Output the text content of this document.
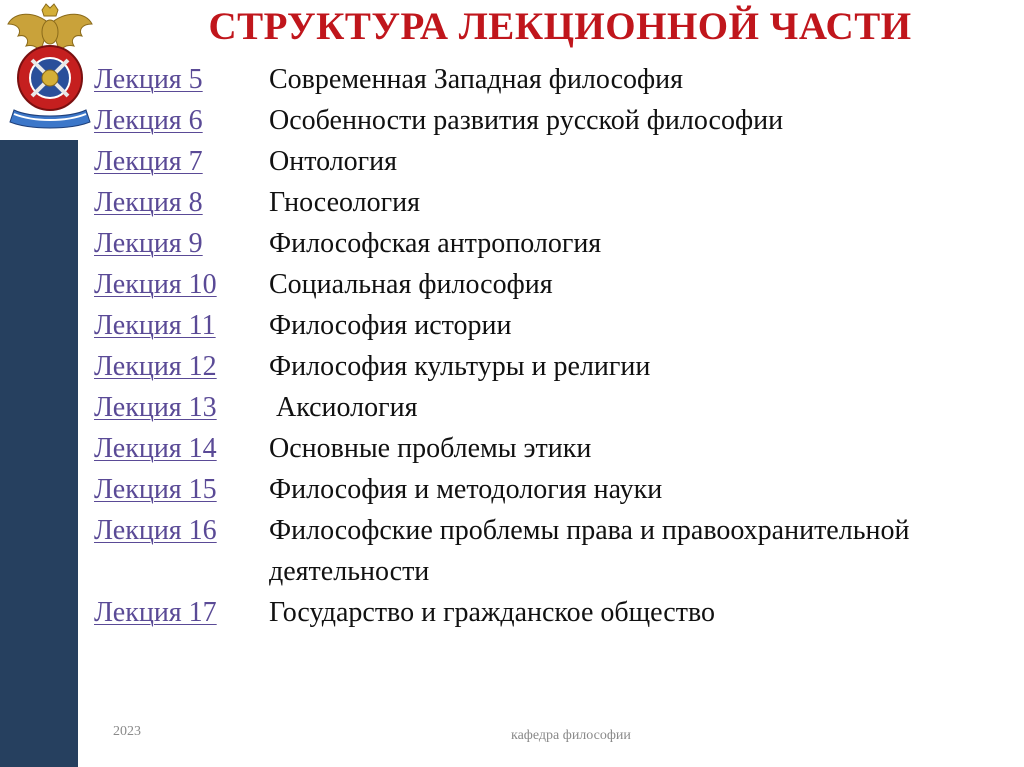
СТРУКТУРА ЛЕКЦИОННОЙ ЧАСТИ
Лекция 5	Современная Западная философия
Лекция 6	Особенности развития русской философии
Лекция 7	Онтология
Лекция 8	Гносеология
Лекция 9	Философская антропология
Лекция 10	Социальная философия
Лекция 11	Философия истории
Лекция 12	Философия культуры и религии
Лекция 13	Аксиология
Лекция 14	Основные проблемы этики
Лекция 15	Философия и методология науки
Лекция 16	Философские проблемы права и правоохранительной деятельности
Лекция 17	Государство и гражданское общество
2023	кафедра философии
